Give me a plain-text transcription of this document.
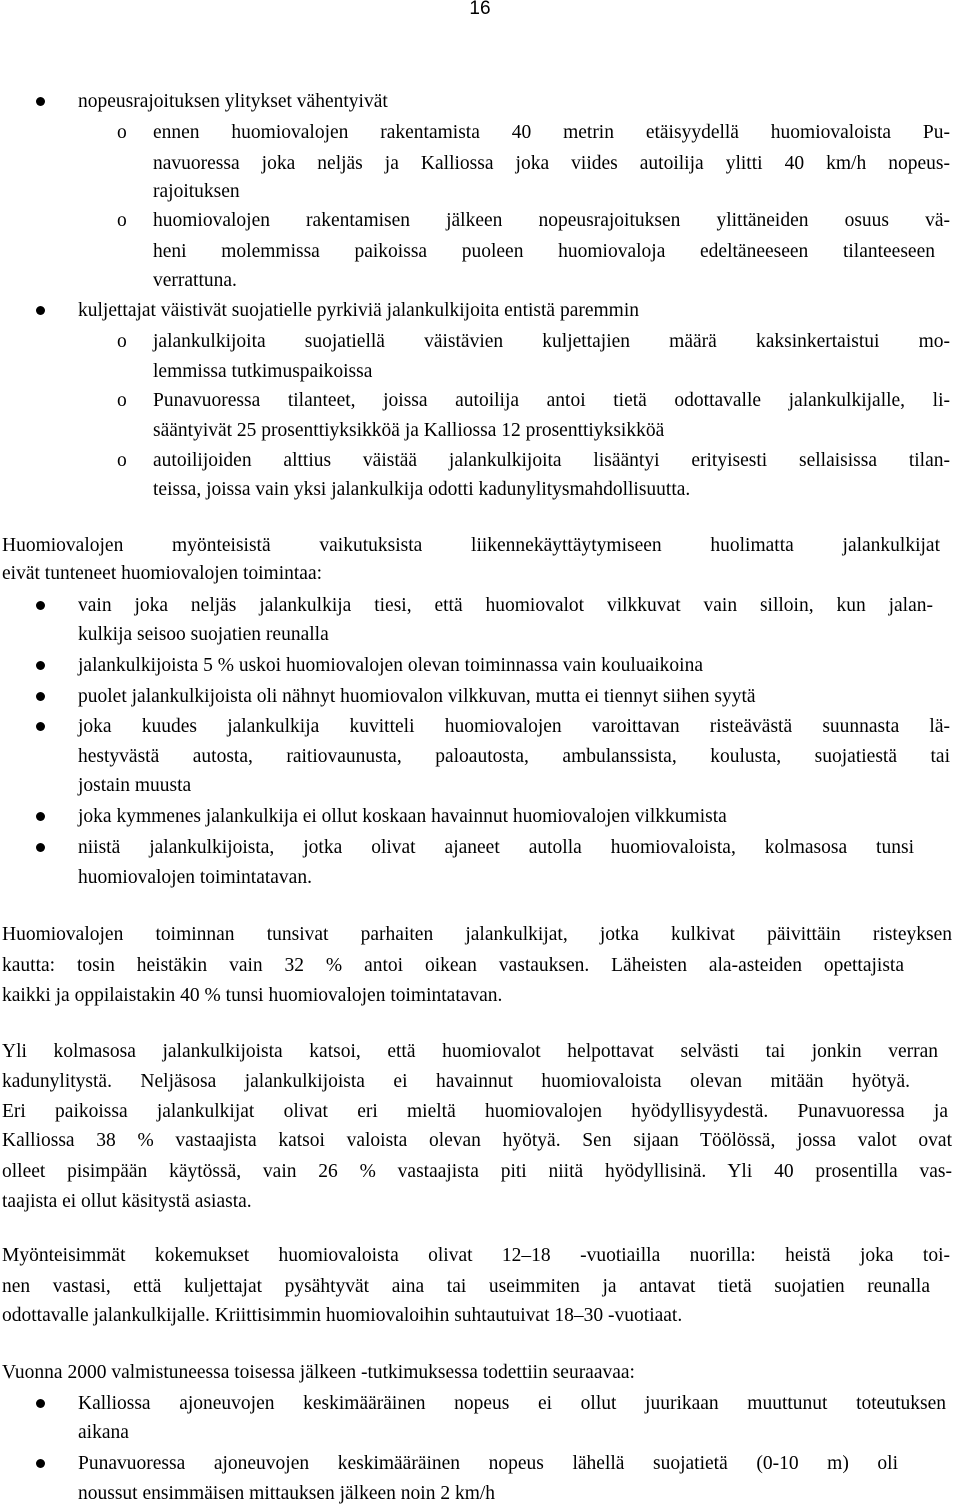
16
nopeusrajoituksen ylitykset vähentyivät
o ennen huomiovalojen rakentamista 40 metrin etäisyydellä huomiovaloista Pu-
navuoressa joka neljäs ja Kalliossa joka viides autoilija ylitti 40 km/h nopeus-
rajoituksen
o huomiovalojen rakentamisen jälkeen nopeusrajoituksen ylittäneiden osuus vä-
heni molemmissa paikoissa puoleen huomiovaloja edeltäneeseen tilanteeseen
verrattuna.
kuljettajat väistivät suojatielle pyrkiviä jalankulkijoita entistä paremmin
o jalankulkijoita suojatiellä väistävien kuljettajien määrä kaksinkertaistui mo-
lemmissa tutkimuspaikoissa
o Punavuoressa tilanteet, joissa autoilija antoi tietä odottavalle jalankulkijalle, li-
sääntyivät 25 prosenttiyksikköä ja Kalliossa 12 prosenttiyksikköä
o autoilijoiden alttius väistää jalankulkijoita lisääntyi erityisesti sellaisissa tilan-
teissa, joissa vain yksi jalankulkija odotti kadunylitysmahdollisuutta.
Huomiovalojen myönteisistä vaikutuksista liikennekäyttäytymiseen huolimatta jalankulkijat
eivät tunteneet huomiovalojen toimintaa:
vain joka neljäs jalankulkija tiesi, että huomiovalot vilkkuvat vain silloin, kun jalan-
kulkija seisoo suojatien reunalla
jalankulkijoista 5 % uskoi huomiovalojen olevan toiminnassa vain kouluaikoina
puolet jalankulkijoista oli nähnyt huomiovalon vilkkuvan, mutta ei tiennyt siihen syytä
joka kuudes jalankulkija kuvitteli huomiovalojen varoittavan risteävästä suunnasta lä-
hestyvästä autosta, raitiovaunusta, paloautosta, ambulanssista, koulusta, suojatiestä tai
jostain muusta
joka kymmenes jalankulkija ei ollut koskaan havainnut huomiovalojen vilkkumista
niistä jalankulkijoista, jotka olivat ajaneet autolla huomiovaloista, kolmasosa tunsi
huomiovalojen toimintatavan.
Huomiovalojen toiminnan tunsivat parhaiten jalankulkijat, jotka kulkivat päivittäin risteyksen
kautta: tosin heistäkin vain 32 % antoi oikean vastauksen. Läheisten ala-asteiden opettajista
kaikki ja oppilaistakin 40 % tunsi huomiovalojen toimintatavan.
Yli kolmasosa jalankulkijoista katsoi, että huomiovalot helpottavat selvästi tai jonkin verran
kadunylitystä. Neljäsosa jalankulkijoista ei havainnut huomiovaloista olevan mitään hyötyä.
Eri paikoissa jalankulkijat olivat eri mieltä huomiovalojen hyödyllisyydestä. Punavuoressa ja
Kalliossa 38 % vastaajista katsoi valoista olevan hyötyä. Sen sijaan Töölössä, jossa valot ovat
olleet pisimpään käytössä, vain 26 % vastaajista piti niitä hyödyllisinä. Yli 40 prosentilla vas-
taajista ei ollut käsitystä asiasta.
Myönteisimmät kokemukset huomiovaloista olivat 12–18 -vuotiailla nuorilla: heistä joka toi-
nen vastasi, että kuljettajat pysähtyvät aina tai useimmiten ja antavat tietä suojatien reunalla
odottavalle jalankulkijalle. Kriittisimmin huomiovaloihin suhtautuivat 18–30 -vuotiaat.
Vuonna 2000 valmistuneessa toisessa jälkeen -tutkimuksessa todettiin seuraavaa:
Kalliossa ajoneuvojen keskimääräinen nopeus ei ollut juurikaan muuttunut toteutuksen
aikana
Punavuoressa ajoneuvojen keskimääräinen nopeus lähellä suojatietä (0-10 m) oli
noussut ensimmäisen mittauksen jälkeen noin 2 km/h
